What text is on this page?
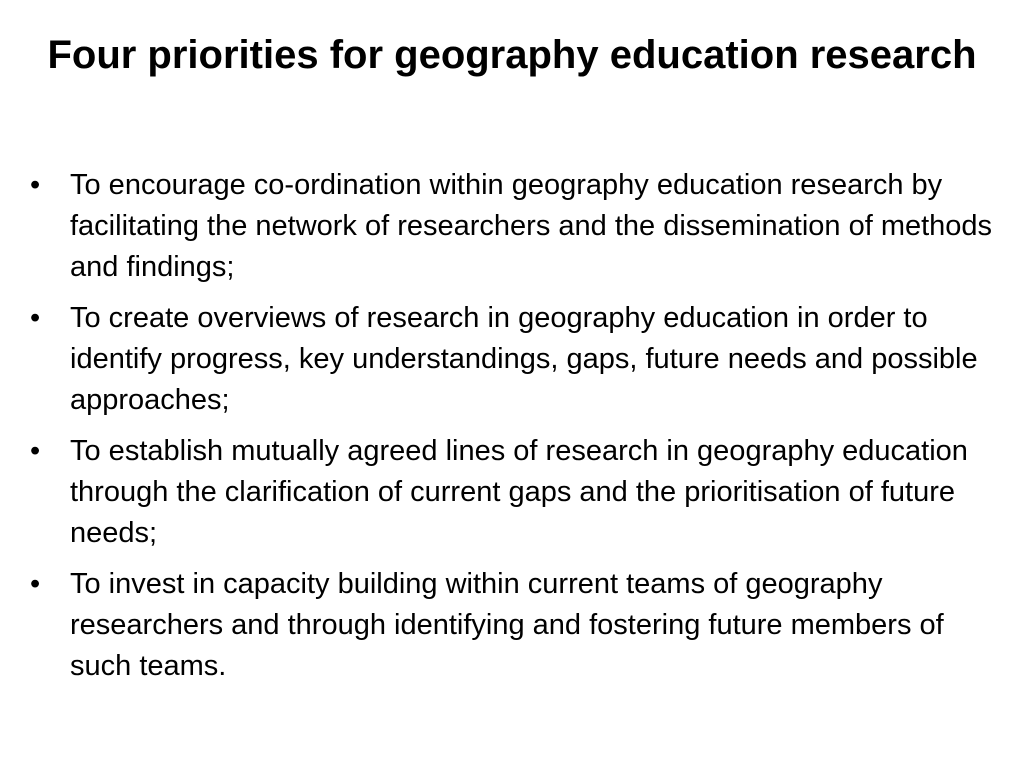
Four priorities for geography education research
• To encourage co-ordination within geography education research by facilitating the network of researchers and the dissemination of methods and findings;
• To create overviews of research in geography education in order to identify progress, key understandings, gaps, future needs and possible approaches;
• To establish mutually agreed lines of research in geography education through the clarification of current gaps and the prioritisation of future needs;
• To invest in capacity building within current teams of geography researchers and through identifying and fostering future members of such teams.
